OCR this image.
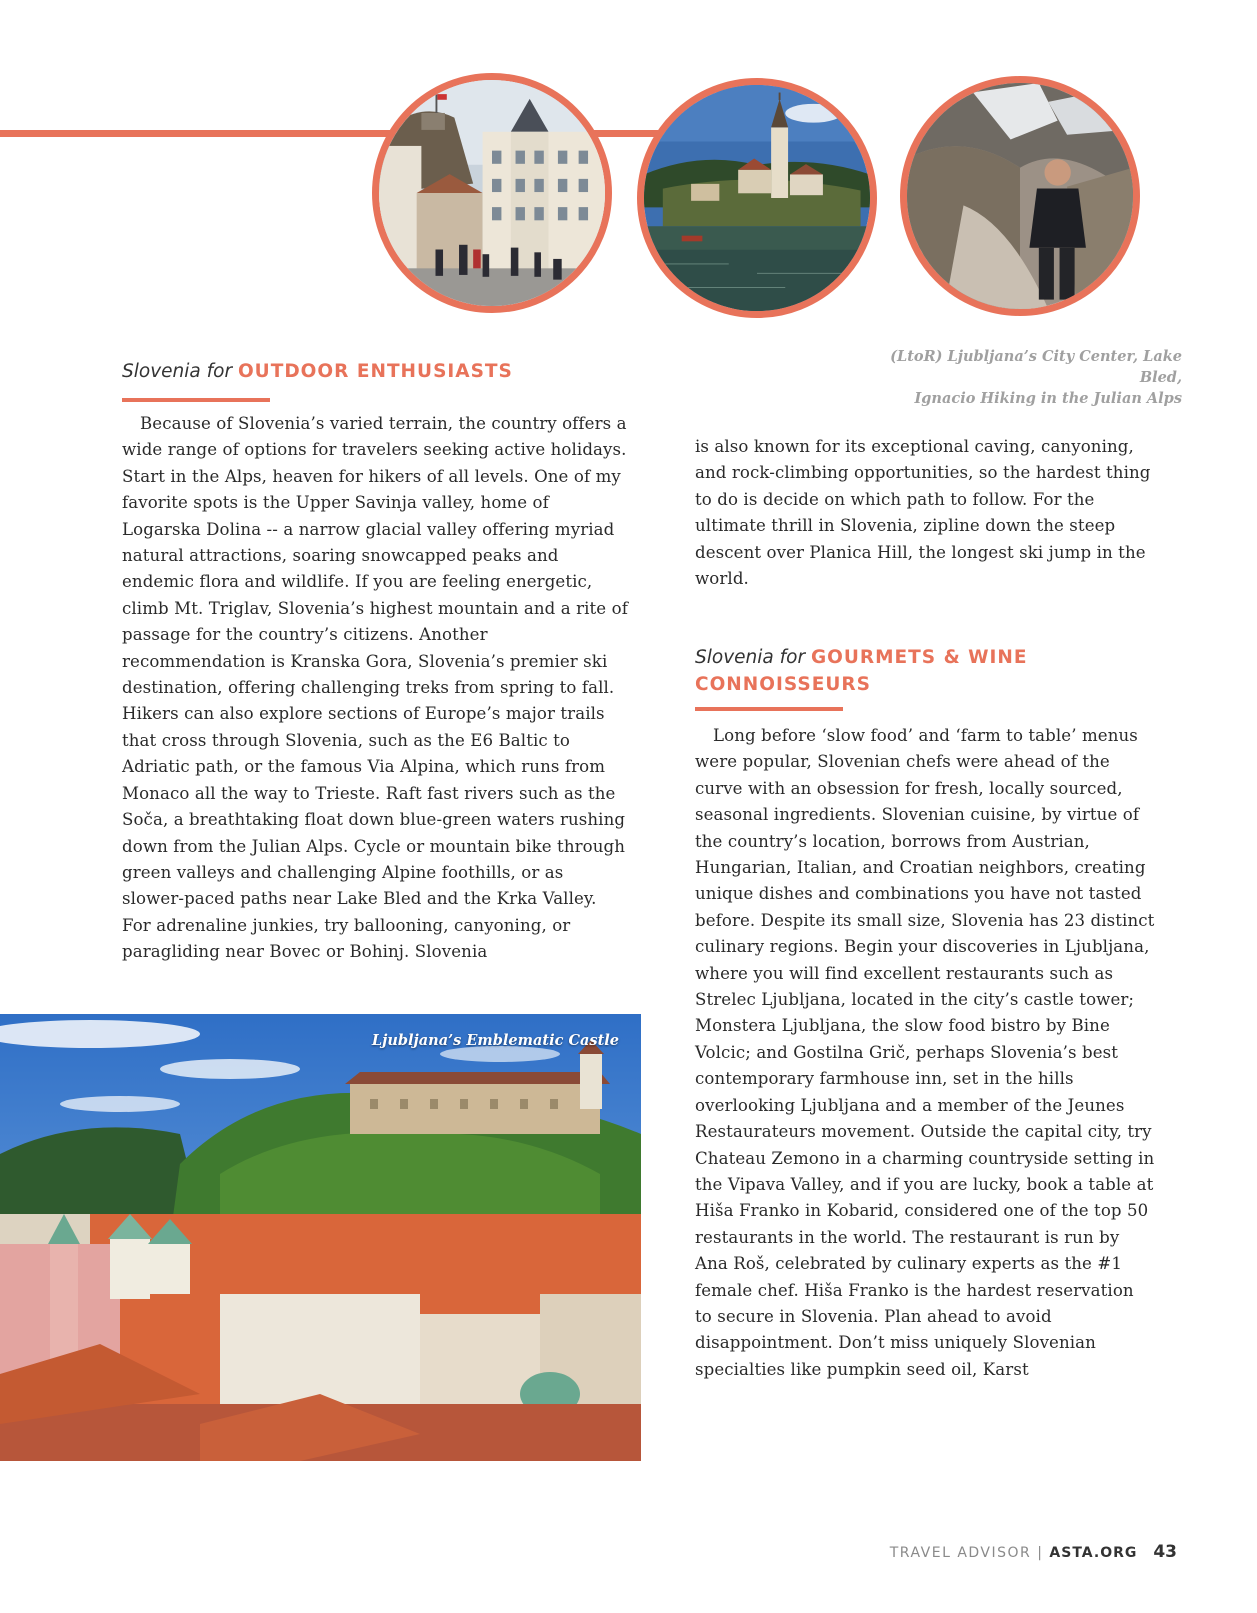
(LtoR) Ljubljana’s City Center, Lake Bled,
Ignacio Hiking in the Julian Alps
Slovenia for OUTDOOR ENTHUSIASTS

Because of Slovenia’s varied terrain, the country offers a wide range of options for travelers seeking active holidays. Start in the Alps, heaven for hikers of all levels. One of my favorite spots is the Upper Savinja valley, home of Logarska Dolina -- a narrow glacial valley offering myriad natural attractions, soaring snowcapped peaks and endemic flora and wildlife. If you are feeling energetic, climb Mt. Triglav, Slovenia’s highest mountain and a rite of passage for the country’s citizens. Another recommendation is Kranska Gora, Slovenia’s premier ski destination, offering challenging treks from spring to fall. Hikers can also explore sections of Europe’s major trails that cross through Slovenia, such as the E6 Baltic to Adriatic path, or the famous Via Alpina, which runs from Monaco all the way to Trieste. Raft fast rivers such as the Soča, a breathtaking float down blue-green waters rushing down from the Julian Alps. Cycle or mountain bike through green valleys and challenging Alpine foothills, or as slower-paced paths near Lake Bled and the Krka Valley. For adrenaline junkies, try ballooning, canyoning, or paragliding near Bovec or Bohinj. Slovenia

is also known for its exceptional caving, canyoning, and rock-climbing opportunities, so the hardest thing to do is decide on which path to follow. For the ultimate thrill in Slovenia, zipline down the steep descent over Planica Hill, the longest ski jump in the world.

Slovenia for GOURMETS & WINE
CONNOISSEURS

Long before ‘slow food’ and ‘farm to table’ menus were popular, Slovenian chefs were ahead of the curve with an obsession for fresh, locally sourced, seasonal ingredients. Slovenian cuisine, by virtue of the country’s location, borrows from Austrian, Hungarian, Italian, and Croatian neighbors, creating unique dishes and combinations you have not tasted before. Despite its small size, Slovenia has 23 distinct culinary regions. Begin your discoveries in Ljubljana, where you will find excellent restaurants such as Strelec Ljubljana, located in the city’s castle tower; Monstera Ljubljana, the slow food bistro by Bine Volcic; and Gostilna Grič, perhaps Slovenia’s best contemporary farmhouse inn, set in the hills overlooking Ljubljana and a member of the Jeunes Restaurateurs movement. Outside the capital city, try Chateau Zemono in a charming countryside setting in the Vipava Valley, and if you are lucky, book a table at Hiša Franko in Kobarid, considered one of the top 50 restaurants in the world. The restaurant is run by Ana Roš, celebrated by culinary experts as the #1 female chef. Hiša Franko is the hardest reservation to secure in Slovenia. Plan ahead to avoid disappointment. Don’t miss uniquely Slovenian specialties like pumpkin seed oil, Karst

Ljubljana’s Emblematic Castle
TRAVEL ADVISOR | ASTA.ORG 43
